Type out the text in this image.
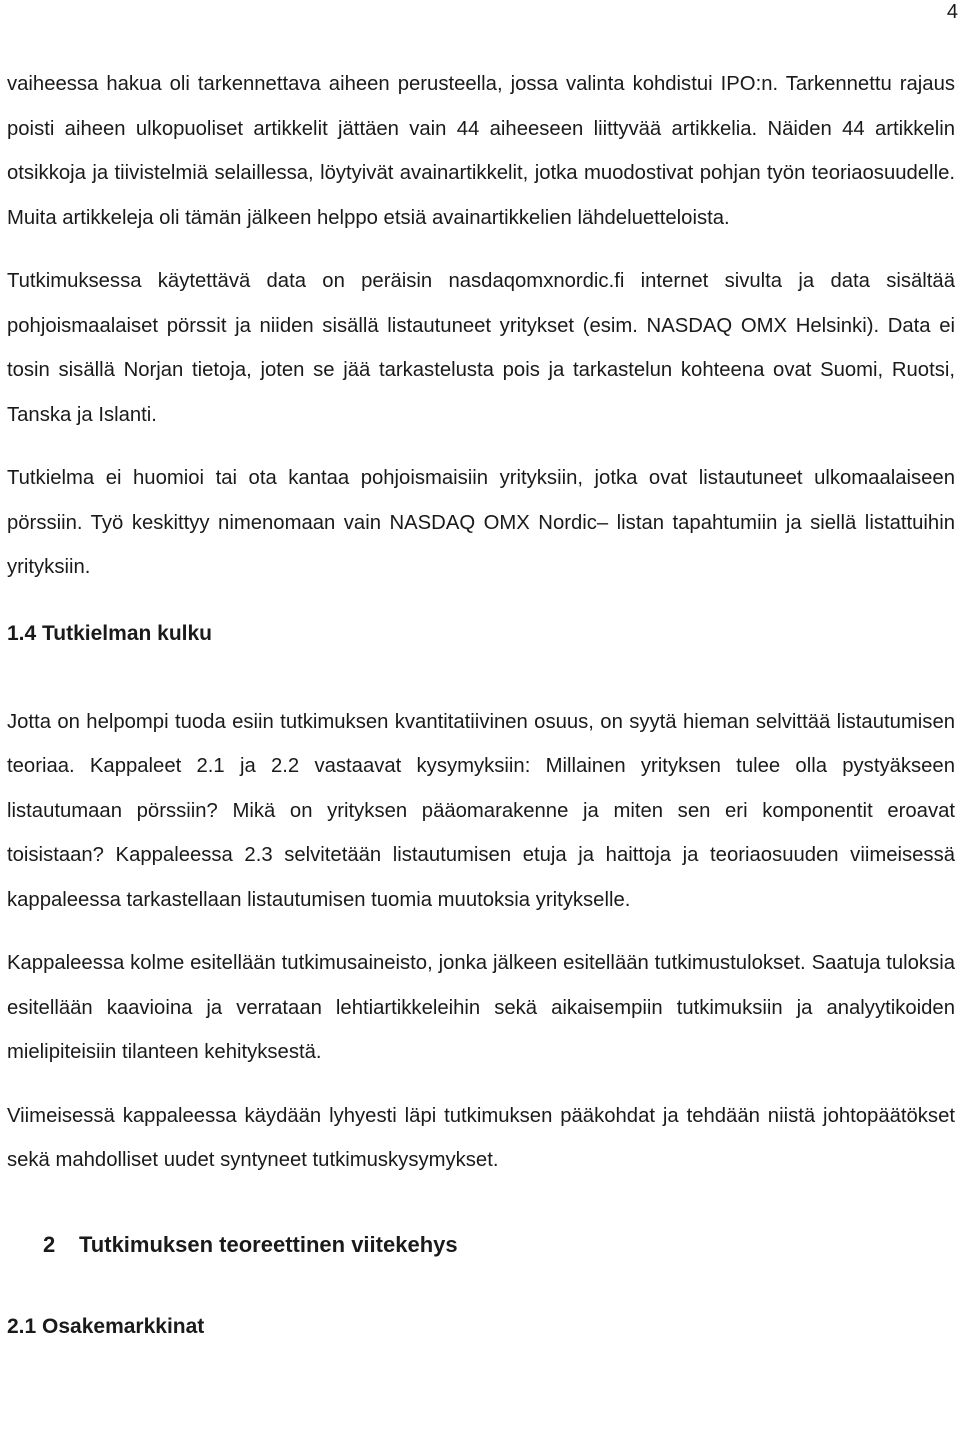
4

vaiheessa hakua oli tarkennettava aiheen perusteella, jossa valinta kohdistui IPO:n. Tarkennettu rajaus poisti aiheen ulkopuoliset artikkelit jättäen vain 44 aiheeseen liittyvää artikkelia. Näiden 44 artikkelin otsikkoja ja tiivistelmiä selaillessa, löytyivät avainartikkelit, jotka muodostivat pohjan työn teoriaosuudelle. Muita artikkeleja oli tämän jälkeen helppo etsiä avainartikkelien lähdeluetteloista.

Tutkimuksessa käytettävä data on peräisin nasdaqomxnordic.fi internet sivulta ja data sisältää pohjoismaalaiset pörssit ja niiden sisällä listautuneet yritykset (esim. NASDAQ OMX Helsinki). Data ei tosin sisällä Norjan tietoja, joten se jää tarkastelusta pois ja tarkastelun kohteena ovat Suomi, Ruotsi, Tanska ja Islanti.

Tutkielma ei huomioi tai ota kantaa pohjoismaisiin yrityksiin, jotka ovat listautuneet ulkomaalaiseen pörssiin. Työ keskittyy nimenomaan vain NASDAQ OMX Nordic– listan tapahtumiin ja siellä listattuihin yrityksiin.

1.4 Tutkielman kulku

Jotta on helpompi tuoda esiin tutkimuksen kvantitatiivinen osuus, on syytä hieman selvittää listautumisen teoriaa. Kappaleet 2.1 ja 2.2 vastaavat kysymyksiin: Millainen yrityksen tulee olla pystyäkseen listautumaan pörssiin? Mikä on yrityksen pääomarakenne ja miten sen eri komponentit eroavat toisistaan? Kappaleessa 2.3 selvitetään listautumisen etuja ja haittoja ja teoriaosuuden viimeisessä kappaleessa tarkastellaan listautumisen tuomia muutoksia yritykselle.

Kappaleessa kolme esitellään tutkimusaineisto, jonka jälkeen esitellään tutkimustulokset. Saatuja tuloksia esitellään kaavioina ja verrataan lehtiartikkeleihin sekä aikaisempiin tutkimuksiin ja analyytikoiden mielipiteisiin tilanteen kehityksestä.

Viimeisessä kappaleessa käydään lyhyesti läpi tutkimuksen pääkohdat ja tehdään niistä johtopäätökset sekä mahdolliset uudet syntyneet tutkimuskysymykset.

2 Tutkimuksen teoreettinen viitekehys
2.1 Osakemarkkinat
